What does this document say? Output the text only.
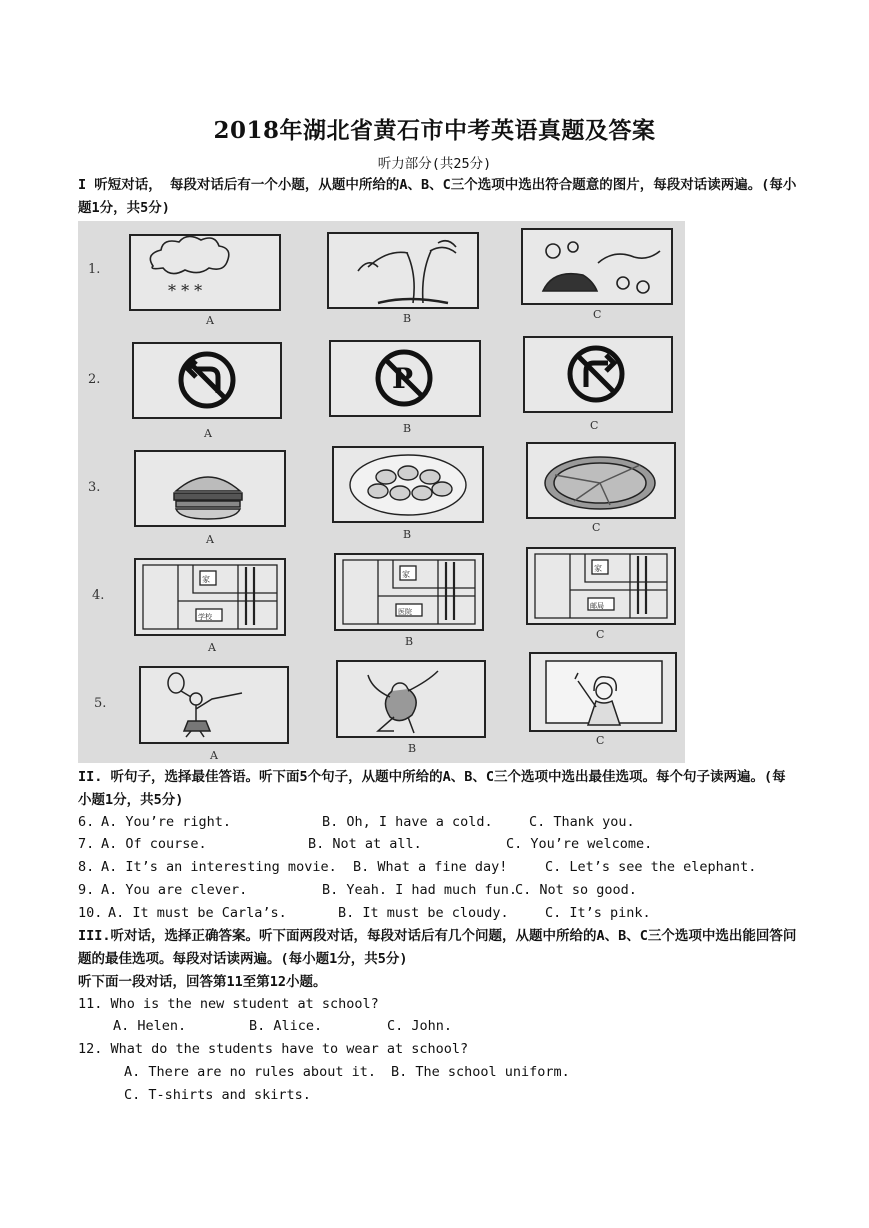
2018年湖北省黄石市中考英语真题及答案
听力部分(共25分)
I 听短对话， 每段对话后有一个小题，从题中所给的A、B、C三个选项中选出符合题意的图片，每段对话读两遍。(每小题1分，共5分)
1.
2.
3.
4.
5.
* * *
A	B	C
A
P
B	C
A	B
C
家
学校
A
家
医院
B
家
邮局
C
A
B
C
II. 听句子，选择最佳答语。听下面5个句子，从题中所给的A、B、C三个选项中选出最佳选项。每个句子读两遍。(每小题1分，共5分)
6. A. You’re right.	B. Oh, I have a cold.	C. Thank you.
7. A. Of course.	B. Not at all.	C. You’re welcome.
8. A. It’s an interesting movie. B. What a fine day!	C. Let’s see the elephant.
9. A. You are clever.	B. Yeah. I had much fun.
C. Not so good.
10. A. It must be Carla’s.	B. It must be cloudy.	C. It’s pink.
III.听对话，选择正确答案。听下面两段对话，每段对话后有几个问题，从题中所给的A、B、C三个选项中选出能回答问题的最佳选项。每段对话读两遍。(每小题1分，共5分)
听下面一段对话，回答第11至第12小题。
11. Who is the new student at school?
A. Helen.	B. Alice.	C. John.
12. What do the students have to wear at school?
A. There are no rules about it. B. The school uniform.
C. T-shirts and skirts.
